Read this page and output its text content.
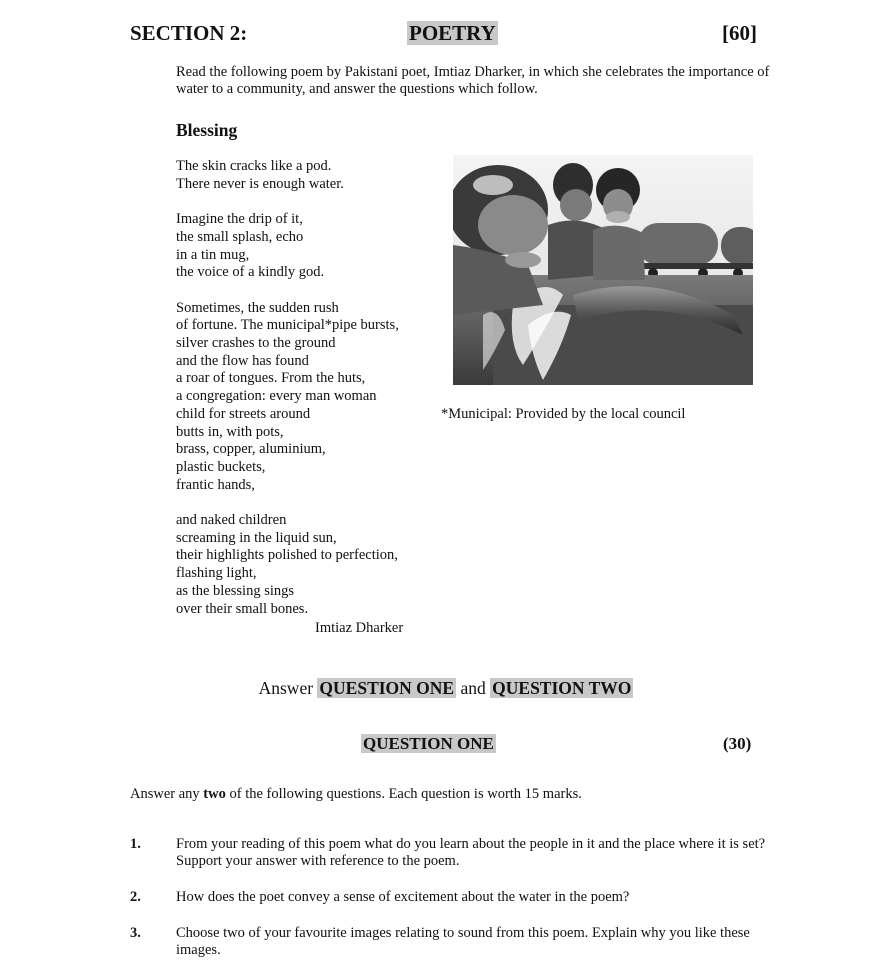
SECTION 2:	POETRY	[60]
Read the following poem by Pakistani poet, Imtiaz Dharker, in which she celebrates the importance of water to a community, and answer the questions which follow.
Blessing
The skin cracks like a pod.
There never is enough water.
Imagine the drip of it,
the small splash, echo
in a tin mug,
the voice of a kindly god.
Sometimes, the sudden rush
of fortune. The municipal*pipe bursts,
silver crashes to the ground
and the flow has found
a roar of tongues. From the huts,
a congregation: every man woman
child for streets around
butts in, with pots,
brass, copper, aluminium,
plastic buckets,
frantic hands,
and naked children
screaming in the liquid sun,
their highlights polished to perfection,
flashing light,
as the blessing sings
over their small bones.
Imtiaz Dharker
*Municipal: Provided by the local council
Answer QUESTION ONE and QUESTION TWO
QUESTION ONE	(30)
Answer any two of the following questions. Each question is worth 15 marks.
1. From your reading of this poem what do you learn about the people in it and the place where it is set? Support your answer with reference to the poem.
2. How does the poet convey a sense of excitement about the water in the poem?
3. Choose two of your favourite images relating to sound from this poem. Explain why you like these images.
